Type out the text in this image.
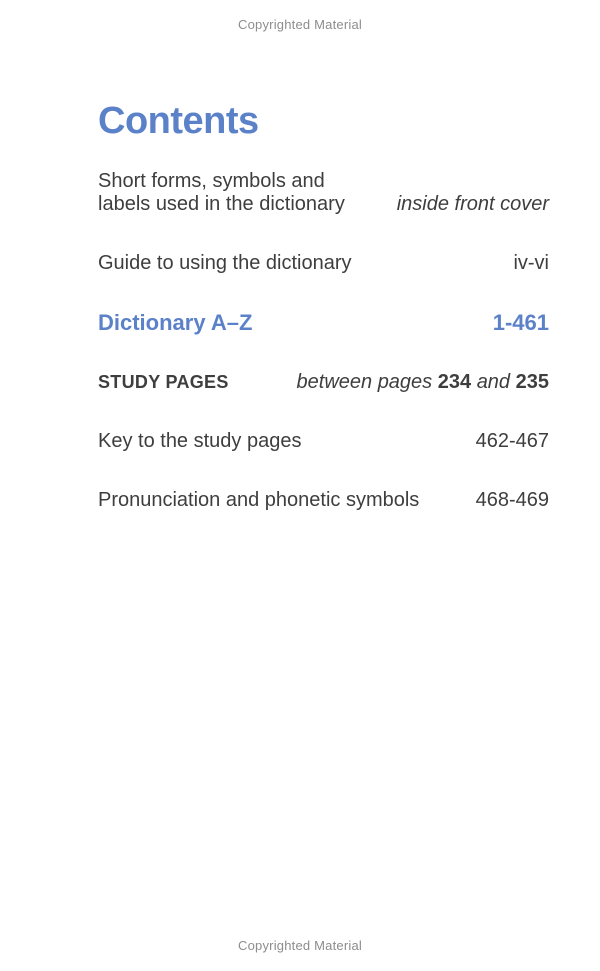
Copyrighted Material
Contents
Short forms, symbols and
labels used in the dictionary	inside front cover
Guide to using the dictionary	iv-vi
Dictionary A–Z	1-461
STUDY PAGES	between pages 234 and 235
Key to the study pages	462-467
Pronunciation and phonetic symbols	468-469
Copyrighted Material
